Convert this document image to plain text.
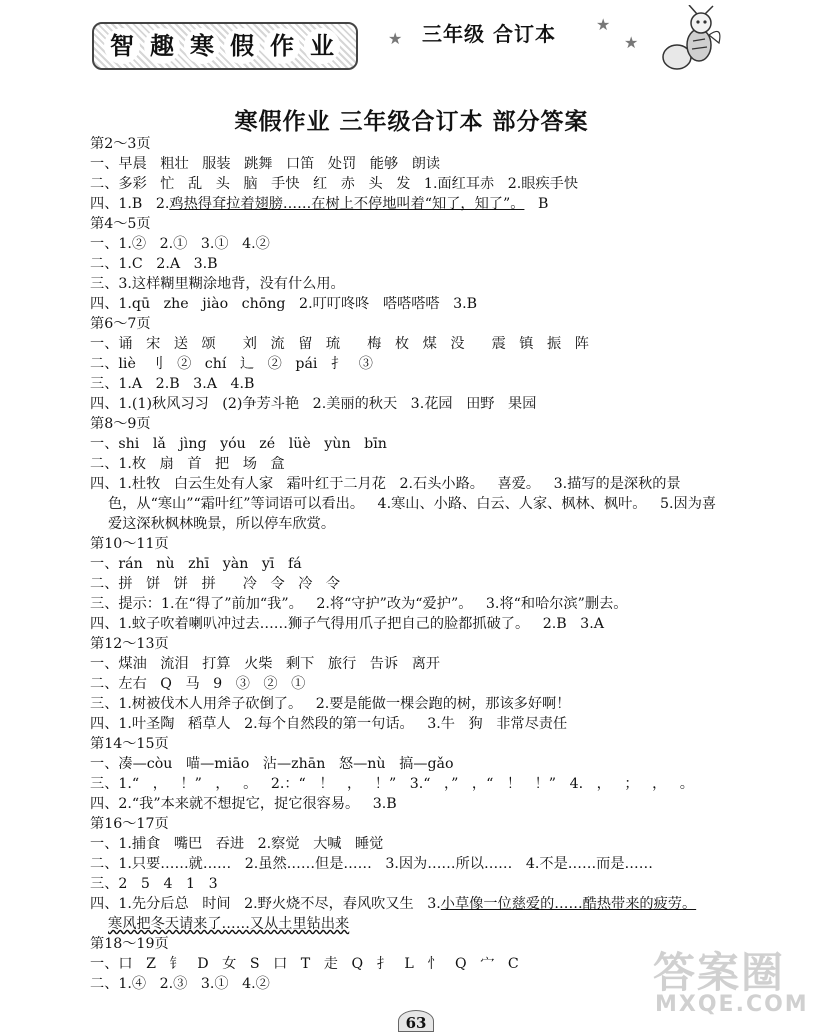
智 趣 寒 假 作 业	★ 三年级 合订本	★
★
寒假作业 三年级合订本 部分答案
第2～3页
一、早晨   粗壮   服装   跳舞   口笛   处罚   能够   朗读
二、多彩   忙   乱   头   脑   手快   红   赤   头   发   1.面红耳赤   2.眼疾手快
四、1.B   2.鸡热得耷拉着翅膀……在树上不停地叫着“知了，知了”。   B
第4～5页
一、1.②   2.①   3.①   4.②
二、1.C   2.A   3.B
三、3.这样糊里糊涂地背，没有什么用。
四、1.qū   zhe   jiào   chōng   2.叮叮咚咚   嗒嗒嗒嗒   3.B
第6～7页
一、诵   宋   送   颂      刘   流   留   琉      梅   枚   煤   没      震   镇   振   阵
二、liè   刂   ②   chí   辶   ②   pái   扌   ③
三、1.A   2.B   3.A   4.B
四、1.(1)秋风习习   (2)争芳斗艳   2.美丽的秋天   3.花园   田野   果园
第8～9页
一、shi   lǎ   jìng   yóu   zé   lüè   yùn   bīn
二、1.枚   扇   首   把   场   盒
四、1.杜牧   白云生处有人家   霜叶红于二月花   2.石头小路。   喜爱。   3.描写的是深秋的景
色，从“寒山”“霜叶红”等词语可以看出。   4.寒山、小路、白云、人家、枫林、枫叶。   5.因为喜
爱这深秋枫林晚景，所以停车欣赏。
第10～11页
一、rán   nù   zhī   yàn   yī   fá
二、拼   饼   饼   拼      冷   令   冷   令
三、提示：1.在“得了”前加“我”。   2.将“守护”改为“爱护”。   3.将“和哈尔滨”删去。
四、1.蚊子吹着喇叭冲过去……狮子气得用爪子把自己的脸都抓破了。   2.B   3.A
第12～13页
一、煤油   流泪   打算   火柴   剩下   旅行   告诉   离开
二、左右   Q   马   9   ③   ②   ①
三、1.树被伐木人用斧子砍倒了。   2.要是能做一棵会跑的树，那该多好啊！
四、1.叶圣陶   稻草人   2.每个自然段的第一句话。   3.牛   狗   非常尽责任
第14～15页
一、凑—còu   喵—miāo   沾—zhān   怒—nù   搞—gǎo
三、1.“   ，   ！”   ，   。   2.：“   ！   ，   ！”   3.“   ，”   ，“   ！   ！”   4.   ，   ；   ，   。
四、2.“我”本来就不想捉它，捉它很容易。   3.B
第16～17页
一、1.捕食   嘴巴   吞进   2.察觉   大喊   睡觉
二、1.只要……就……   2.虽然……但是……   3.因为……所以……   4.不是……而是……
三、2   5   4   1   3
四、1.先分后总   时间   2.野火烧不尽，春风吹又生   3.小草像一位慈爱的……酷热带来的疲劳。
寒风把冬天请来了……又从土里钻出来
第18～19页
一、口   Z   钅   D   女   S   口   T   走   Q   扌   L   忄   Q   宀   C
二、1.④   2.③   3.①   4.②
63
答案圈
MXQE.COM
